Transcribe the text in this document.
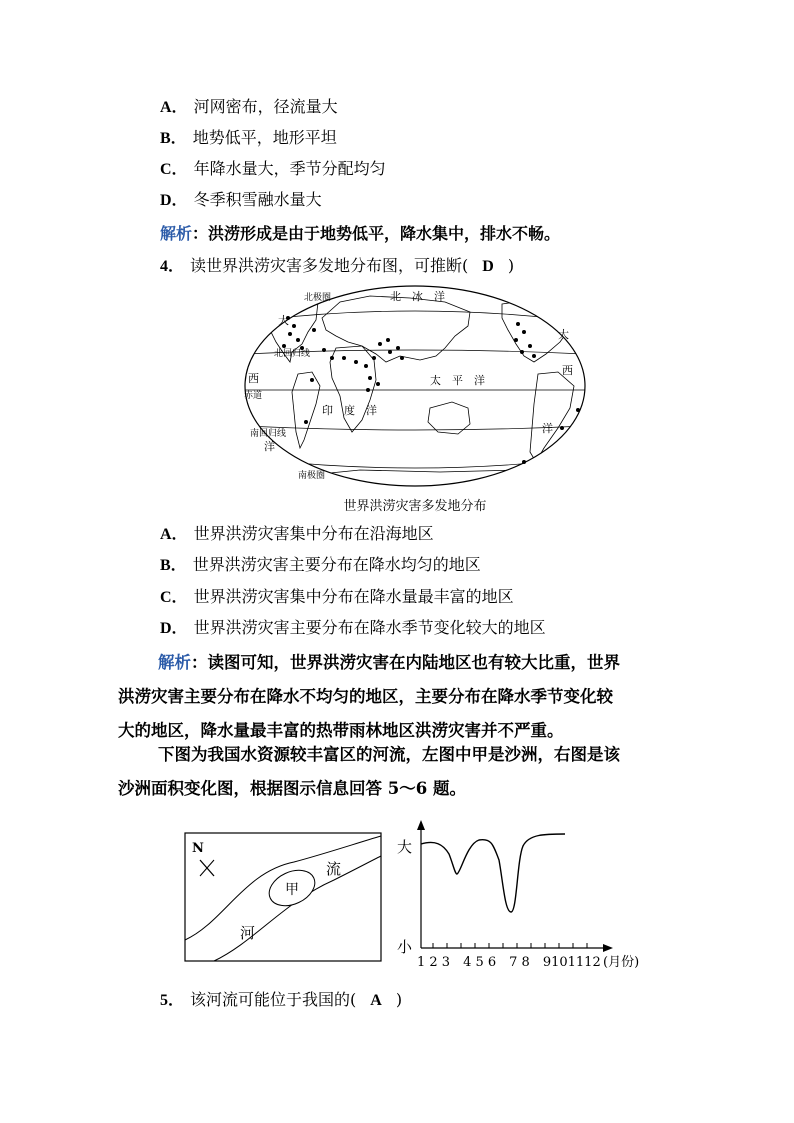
A． 河网密布，径流量大
B． 地势低平，地形平坦
C． 年降水量大，季节分配均匀
D． 冬季积雪融水量大
解析：洪涝形成是由于地势低平，降水集中，排水不畅。
4． 读世界洪涝灾害多发地分布图，可推断( D )
北极圈	北　冰　洋
大
大
北回归线
西
赤道
太　平　洋
印　度　洋
西
南回归线
洋
洋
南极圈
世界洪涝灾害多发地分布
A． 世界洪涝灾害集中分布在沿海地区
B． 世界洪涝灾害主要分布在降水均匀的地区
C． 世界洪涝灾害集中分布在降水量最丰富的地区
D． 世界洪涝灾害主要分布在降水季节变化较大的地区
解析：读图可知，世界洪涝灾害在内陆地区也有较大比重，世界
洪涝灾害主要分布在降水不均匀的地区，主要分布在降水季节变化较
大的地区，降水量最丰富的热带雨林地区洪涝灾害并不严重。
下图为我国水资源较丰富区的河流，左图中甲是沙洲，右图是该
沙洲面积变化图，根据图示信息回答 5～6 题。
甲
流
河
N	大
小
1 2 3　4 5 6　7 8　9101112 (月份)
5． 该河流可能位于我国的( A )
